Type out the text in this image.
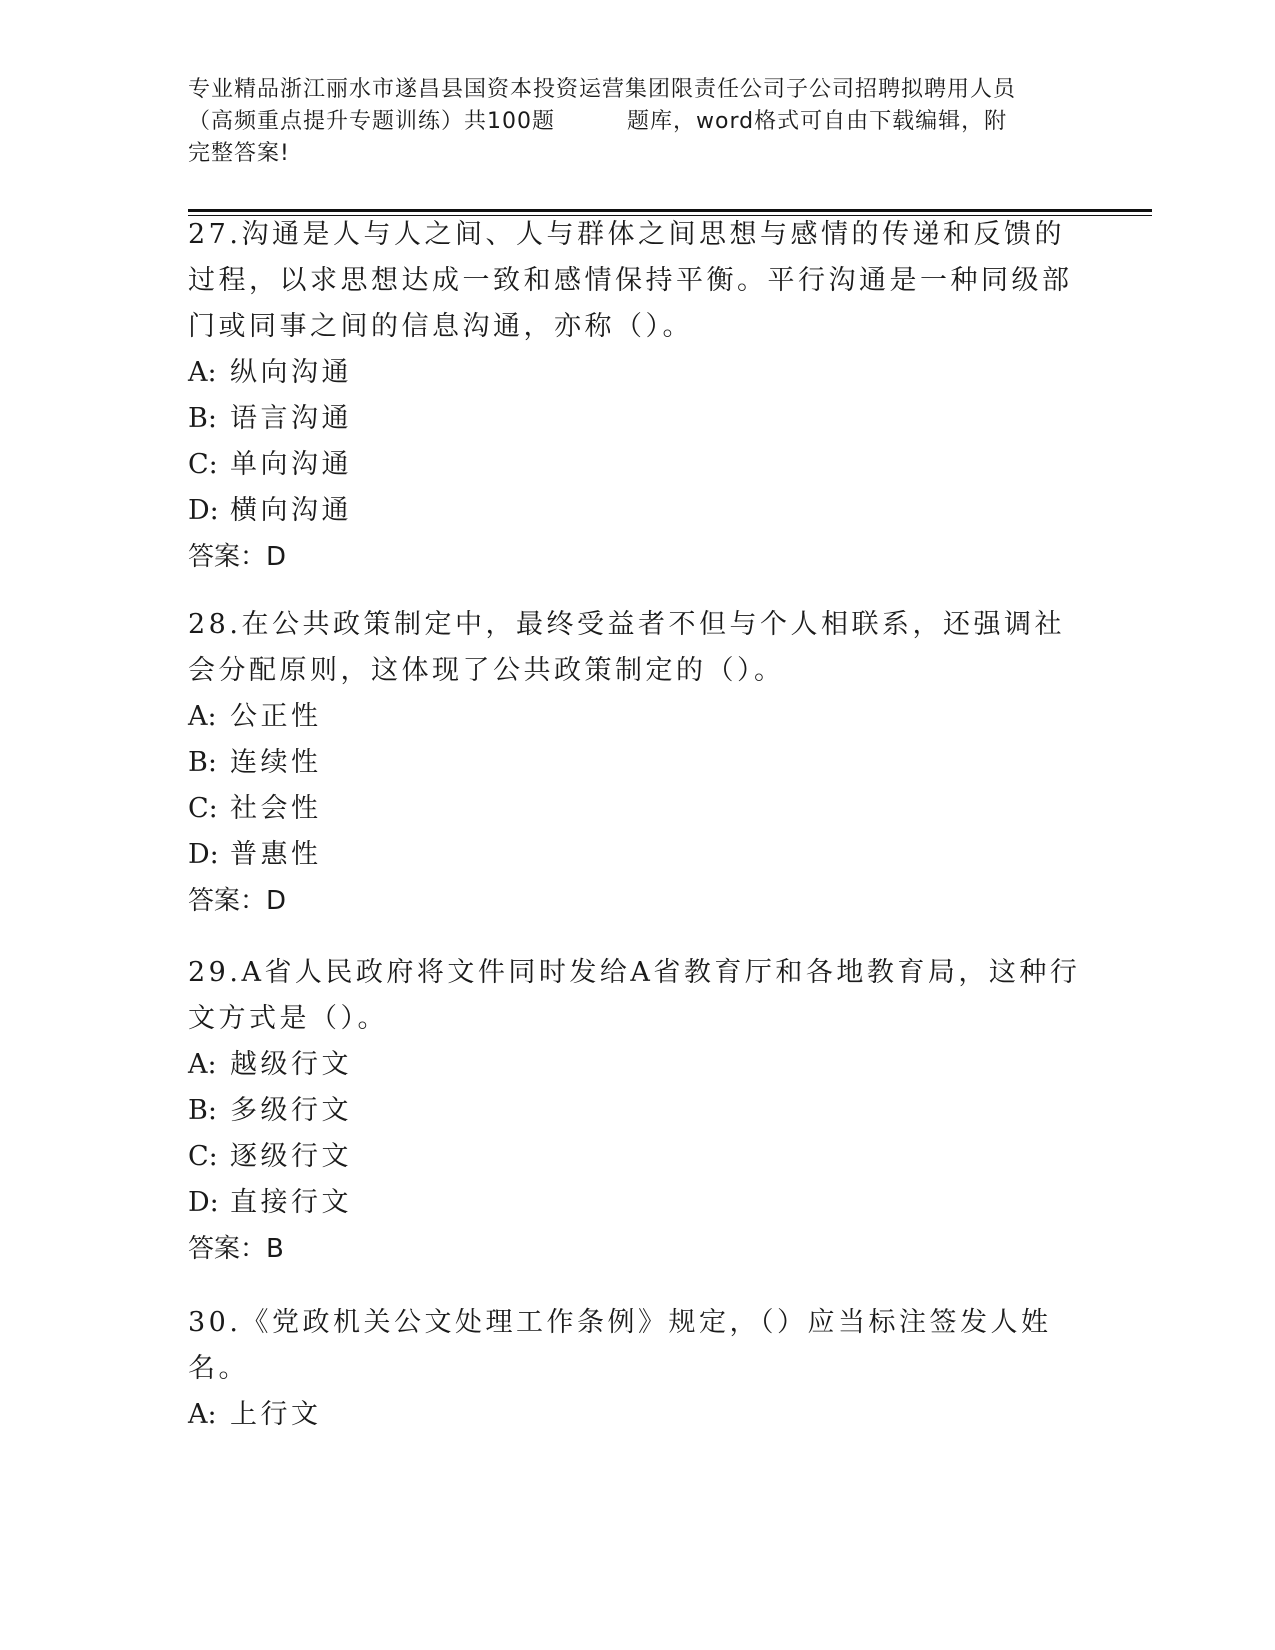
专业精品浙江丽水市遂昌县国资本投资运营集团限责任公司子公司招聘拟聘用人员
（高频重点提升专题训练）共100题	题库，word格式可自由下载编辑，附
完整答案!

27.沟通是人与人之间、人与群体之间思想与感情的传递和反馈的过程，以求思想达成一致和感情保持平衡。平行沟通是一种同级部门或同事之间的信息沟通，亦称（）。

A: 纵向沟通

B: 语言沟通

C: 单向沟通

D: 横向沟通

答案：D

28.在公共政策制定中，最终受益者不但与个人相联系，还强调社会分配原则，这体现了公共政策制定的（）。

A: 公正性

B: 连续性

C: 社会性

D: 普惠性

答案：D

29.A省人民政府将文件同时发给A省教育厅和各地教育局，这种行文方式是（）。

A: 越级行文

B: 多级行文

C: 逐级行文

D: 直接行文

答案：B

30.《党政机关公文处理工作条例》规定，（）应当标注签发人姓名。

A: 上行文
